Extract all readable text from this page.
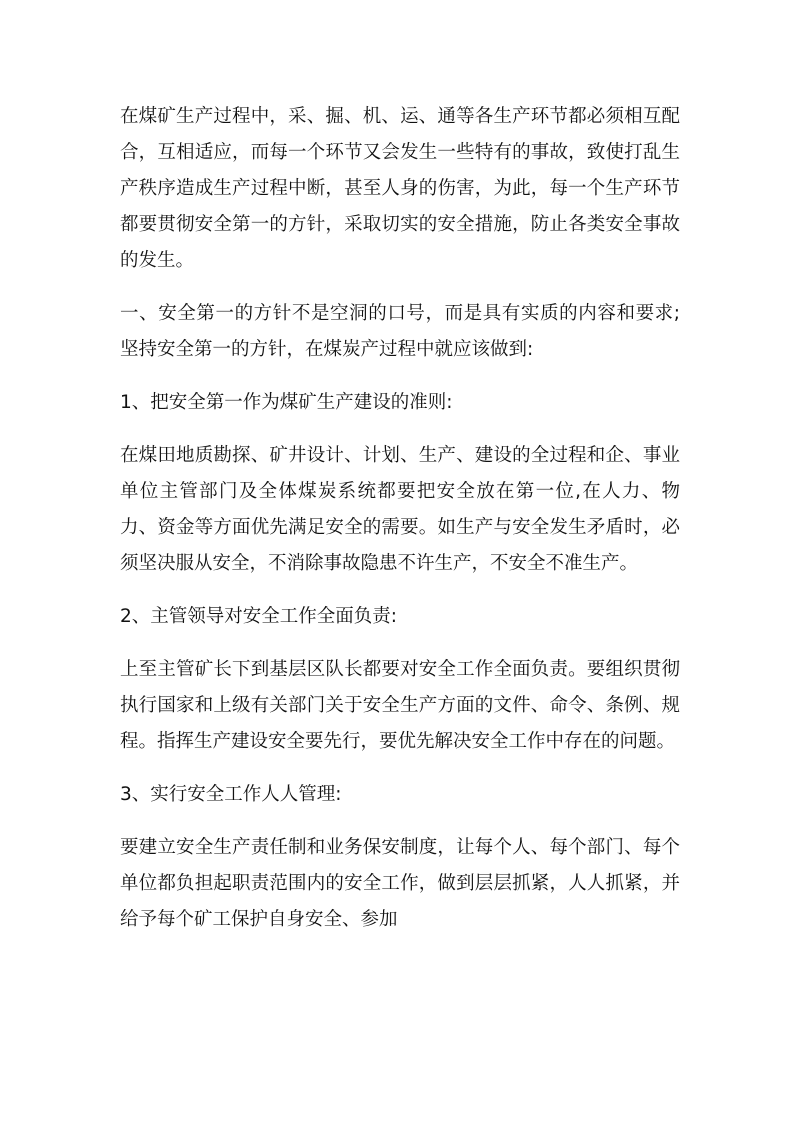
在煤矿生产过程中，采、掘、机、运、通等各生产环节都必须相互配合，互相适应，而每一个环节又会发生一些特有的事故，致使打乱生产秩序造成生产过程中断，甚至人身的伤害，为此，每一个生产环节都要贯彻安全第一的方针，采取切实的安全措施，防止各类安全事故的发生。

一、安全第一的方针不是空洞的口号，而是具有实质的内容和要求;坚持安全第一的方针，在煤炭产过程中就应该做到:

1、把安全第一作为煤矿生产建设的准则:

在煤田地质勘探、矿井设计、计划、生产、建设的全过程和企、事业单位主管部门及全体煤炭系统都要把安全放在第一位,在人力、物力、资金等方面优先满足安全的需要。如生产与安全发生矛盾时，必须坚决服从安全，不消除事故隐患不许生产，不安全不准生产。

2、主管领导对安全工作全面负责:

上至主管矿长下到基层区队长都要对安全工作全面负责。要组织贯彻执行国家和上级有关部门关于安全生产方面的文件、命令、条例、规程。指挥生产建设安全要先行，要优先解决安全工作中存在的问题。

3、实行安全工作人人管理:

要建立安全生产责任制和业务保安制度，让每个人、每个部门、每个单位都负担起职责范围内的安全工作，做到层层抓紧，人人抓紧，并给予每个矿工保护自身安全、参加
